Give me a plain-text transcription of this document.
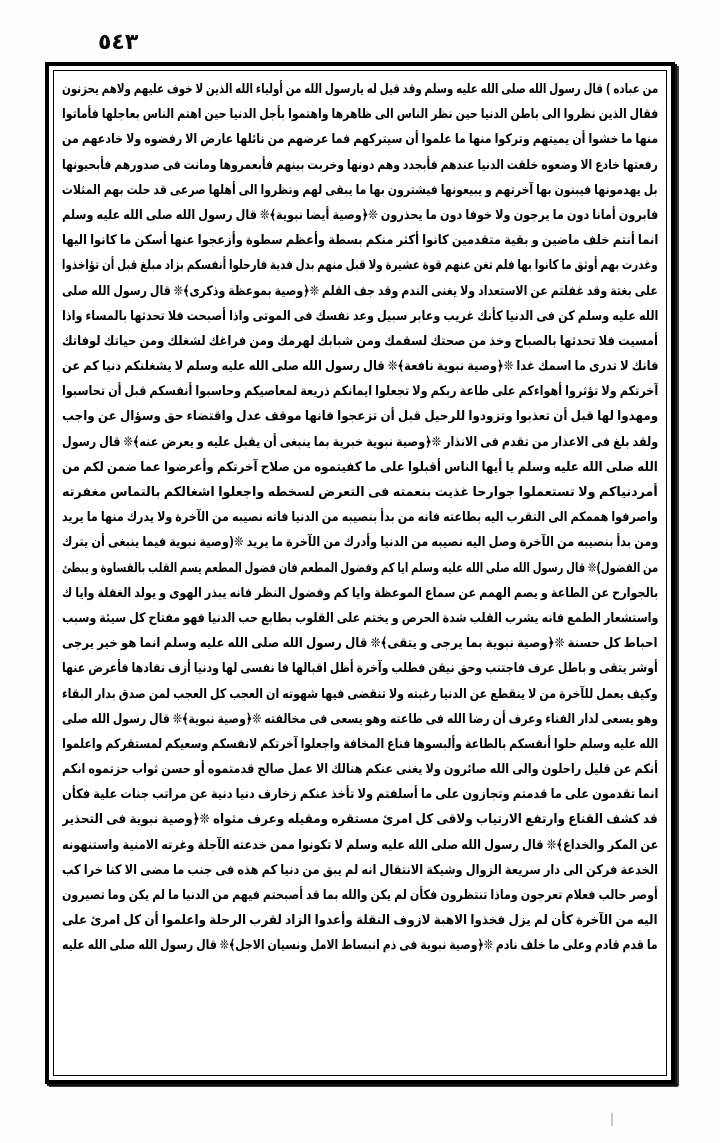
٥٤٣
من عباده ) قال رسول الله صلى الله عليه وسلم وقد قيل له يارسول الله من أولياء الله الذين لا خوف عليهم ولاهم يحزنون
فقال الذين نظروا الى باطن الدنيا حين نظر الناس الى ظاهرها واهتموا بأجل الدنيا حين اهتم الناس بعاجلها فأماتوا
منها ما خشوا أن يميتهم وتركوا منها ما علموا أن سيتركهم فما عرضهم من نائلها عارض الا رفضوه ولا خادعهم من
رفعتها خادع الا وضعوه خلقت الدنيا عندهم فأبجدد وهم دونها وخربت بينهم فأبعمروها ومانت فى صدورهم فأبحيونها
بل يهدمونها فيبنون بها آخرتهم و يبيعونها فيشترون بها ما يبقى لهم ونظروا الى أهلها صرعى قد حلت بهم المثلات
فابرون أمانا دون ما يرجون ولا خوفا دون ما يحذرون ❊﴿وصية أيضا نبوية﴾❊ قال رسول الله صلى الله عليه وسلم
انما أنتم خلف ماضين و بقية متقدمين كانوا أكثر منكم بسطة وأعظم سطوة وأزعجوا عنها أسكن ما كانوا اليها
وغدرت بهم أوثق ما كانوا بها فلم تغن عنهم قوة عشيرة ولا قبل منهم بدل فدية فارحلوا أنفسكم بزاد مبلغ قبل أن تؤاخذوا
على بغتة وقد غفلتم عن الاستعداد ولا يغنى الندم وقد جف القلم ❊﴿وصية بموعظة وذكرى﴾❊ قال رسول الله صلى
الله عليه وسلم كن فى الدنيا كأنك غريب وعابر سبيل وعد نفسك فى الموتى واذا أصبحت فلا تحدثها بالمساء واذا
أمسيت فلا تحدثها بالصباح وخذ من صحتك لسقمك ومن شبابك لهرمك ومن فراغك لشغلك ومن حياتك لوفاتك
فانك لا تدرى ما اسمك غدا ❊﴿وصية نبوية نافعة﴾❊ قال رسول الله صلى الله عليه وسلم لا يشغلنكم دنيا كم عن
آخرتكم ولا تؤثروا أهواءكم على طاعة ربكم ولا تجعلوا ايمانكم ذريعة لمعاصيكم وحاسبوا أنفسكم قبل أن تحاسبوا
ومهدوا لها قبل أن تعذبوا وتزودوا للرحيل قبل أن تزعجوا فانها موقف عدل واقتضاء حق وسؤال عن واجب
ولقد بلغ فى الاعذار من تقدم فى الانذار ❊﴿وصية نبوية خبرية بما ينبغى أن يقبل عليه و يعرض عنه﴾❊ قال رسول
الله صلى الله عليه وسلم يا أيها الناس أقبلوا على ما كفيتموه من صلاح آخرتكم وأعرضوا عما ضمن لكم من
أمردنياكم ولا تستعملوا جوارحا غذيت بنعمته فى التعرض لسخطه واجعلوا اشغالكم بالتماس مغفرته
واصرفوا هممكم الى التقرب اليه بطاعته فانه من بدأ بنصيبه من الدنيا فاته نصيبه من الآخرة ولا يدرك منها ما يريد
ومن بدأ بنصيبه من الآخرة وصل اليه نصيبه من الدنيا وأدرك من الآخرة ما يريد ❊(وصية نبوية فيما ينبغى أن يترك
من الفضول)❊ قال رسول الله صلى الله عليه وسلم ايا كم وفضول المطعم فان فضول المطعم يسم القلب بالقساوة و يبطئ
بالجوارح عن الطاعة و يصم الهمم عن سماع الموعظة وايا كم وفضول النظر فانه يبذر الهوى و يولد الغفلة وايا ك
واستشعار الطمع فانه يشرب القلب شدة الحرص و يختم على القلوب بطابع حب الدنيا فهو مفتاح كل سيئة وسبب
احباط كل حسنة ❊﴿وصية نبوية بما يرجى و يتقى﴾❊ قال رسول الله صلى الله عليه وسلم انما هو خير يرجى
أوشر يتقى و باطل عرف فاجتنب وحق نيقن فطلب وآخرة أظل اقبالها فا نفسى لها ودنيا أزف نفادها فأعرض عنها
وكيف يعمل للآخرة من لا ينقطع عن الدنيا رغبته ولا تنقضى فيها شهوته ان العجب كل العجب لمن صدق بدار البقاء
وهو يسعى لدار الفناء وعرف أن رضا الله فى طاعته وهو يسعى فى مخالفته ❊﴿وصية نبوية﴾❊ قال رسول الله صلى
الله عليه وسلم حلوا أنفسكم بالطاعة وألبسوها فناع المخافة واجعلوا آخرتكم لانفسكم وسعيكم لمستقركم واعلموا
أنكم عن قليل راحلون والى الله صائرون ولا يغنى عنكم هنالك الا عمل صالح قدمتموه أو حسن ثواب حزتموه انكم
انما تقدمون على ما قدمتم وتجازون على ما أسلفتم ولا تأخذ عنكم زخارف دنيا دنية عن مراتب جنات علية فكأن
قد كشف القناع وارتفع الارتياب ولاقى كل امرئ مستقره ومقيله وعرف مثواه ❊﴿وصية نبوية فى التحذير
عن المكر والخداع﴾❊ قال رسول الله صلى الله عليه وسلم لا تكونوا ممن خدعته الآجلة وغرته الامنية واستنهونه
الخدعة فركن الى دار سريعة الزوال وشيكة الانتقال انه لم يبق من دنيا كم هذه فى جنب ما مضى الا كنا خرا كب
أوصر حالب فعلام تعرجون وماذا تنتظرون فكأن لم يكن والله بما قد أصبحتم فيهم من الدنيا ما لم يكن وما تصيرون
اليه من الآخرة كأن لم يزل فخذوا الاهبة لازوف النقلة وأعدوا الزاد لقرب الرحلة واعلموا أن كل امرئ على
ما قدم قادم وعلى ما خلف نادم ❊﴿وصية نبوية فى ذم انبساط الامل ونسيان الاجل﴾❊ قال رسول الله صلى الله عليه
